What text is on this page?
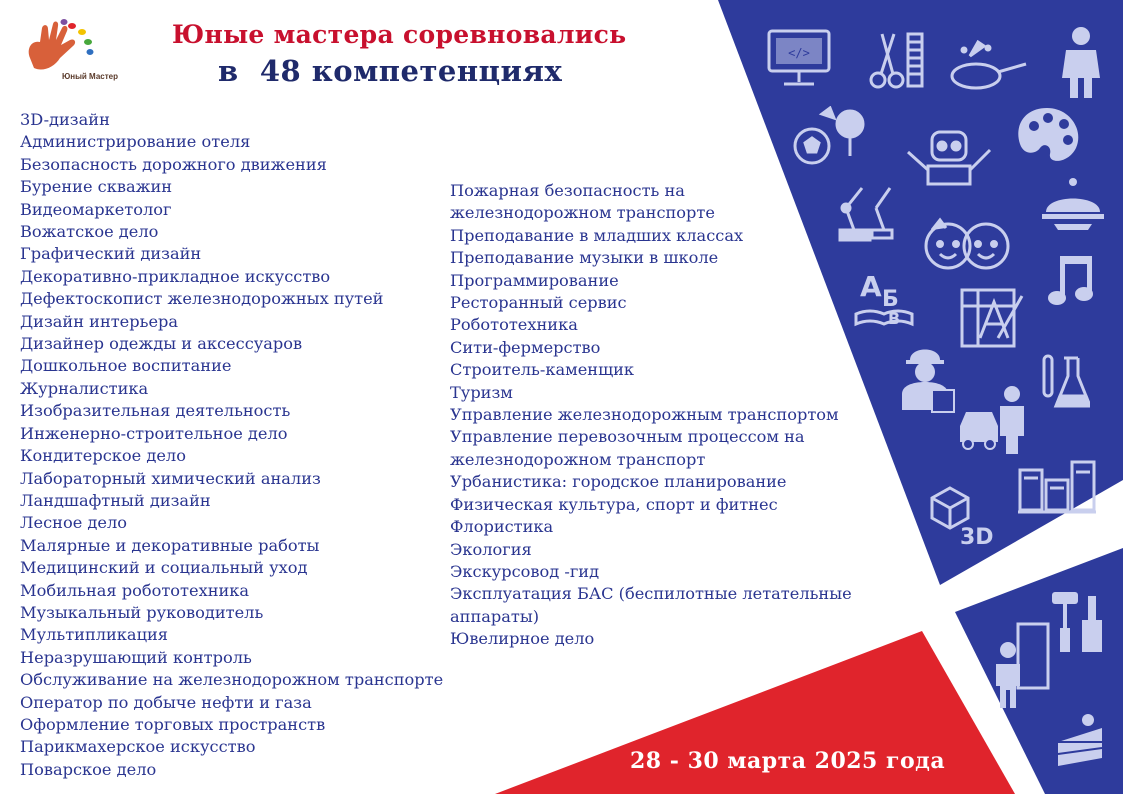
Юный Мастер
Юные мастера соревновались
в  48 компетенциях
3D-дизайн
Администрирование отеля
Безопасность дорожного движения
Бурение скважин
Видеомаркетолог
Вожатское дело
Графический дизайн
Декоративно-прикладное искусство
Дефектоскопист железнодорожных путей
Дизайн интерьера
Дизайнер одежды и аксессуаров
Дошкольное воспитание
Журналистика
Изобразительная деятельность
Инженерно-строительное дело
Кондитерское дело
Лабораторный химический анализ
Ландшафтный дизайн
Лесное дело
Малярные и декоративные работы
Медицинский и социальный уход
Мобильная робототехника
Музыкальный руководитель
Мультипликация
Неразрушающий контроль
Обслуживание на железнодорожном транспорте
Оператор по добыче нефти и газа
Оформление торговых пространств
Парикмахерское искусство
Поварское дело
Пожарная безопасность на
железнодорожном транспорте
Преподавание в младших классах
Преподавание музыки в школе
Программирование
Ресторанный сервис
Робототехника
Сити-фермерство
Строитель-каменщик
Туризм
Управление железнодорожным транспортом
Управление перевозочным процессом на
железнодорожном транспорт
Урбанистика: городское планирование
Физическая культура, спорт и фитнес
Флористика
Экология
Экскурсовод -гид
Эксплуатация БАС (беспилотные летательные
аппараты)
Ювелирное дело
28 - 30 марта 2025 года
</>
А Б
В
3D
